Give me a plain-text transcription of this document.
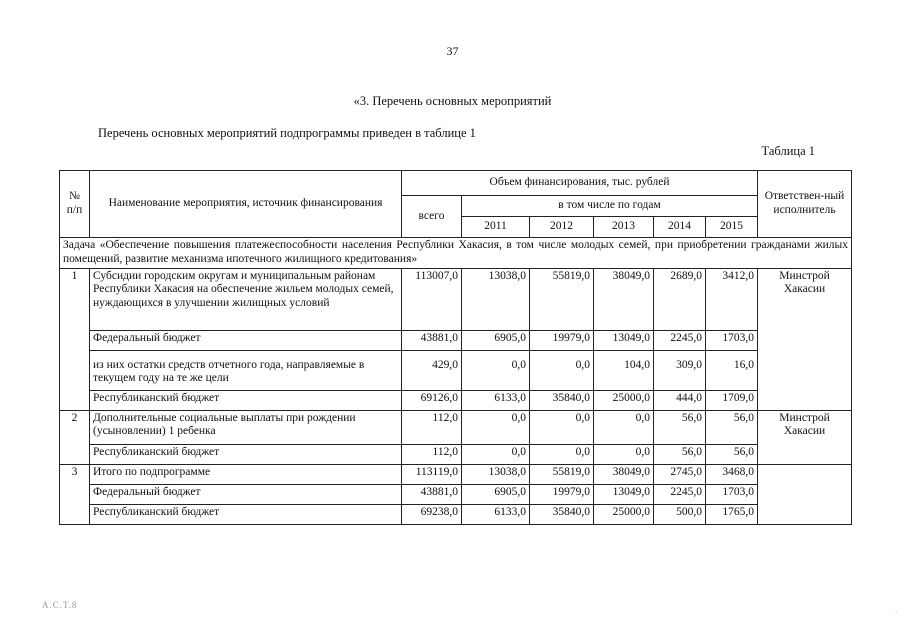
37
«3. Перечень основных мероприятий
Перечень основных мероприятий подпрограммы приведен в таблице 1
Таблица 1
№ п/п	Наименование мероприятия, источник финансирования	Объем финансирования, тыс. рублей						Ответствен-ный исполнитель
		всего	в том числе по годам					
			2011	2012	2013	2014	2015	
Задача «Обеспечение повышения платежеспособности населения Республики Хакасия, в том числе молодых семей, при приобретении гражданами жилых помещений, развитие механизма ипотечного жилищного кредитования»								
1	Субсидии городским округам и муниципальным районам Республики Хакасия на обеспечение жильем молодых семей, нуждающихся в улучшении жилищных условий	113007,0	13038,0	55819,0	38049,0	2689,0	3412,0	Минстрой Хакасии
	Федеральный бюджет	43881,0	6905,0	19979,0	13049,0	2245,0	1703,0	
	из них остатки средств отчетного года, направляемые в текущем году на те же цели	429,0	0,0	0,0	104,0	309,0	16,0	
	Республиканский бюджет	69126,0	6133,0	35840,0	25000,0	444,0	1709,0	
2	Дополнительные социальные выплаты при рождении (усыновлении) 1 ребенка	112,0	0,0	0,0	0,0	56,0	56,0	Минстрой Хакасии
	Республиканский бюджет	112,0	0,0	0,0	0,0	56,0	56,0	
3	Итого по подпрограмме	113119,0	13038,0	55819,0	38049,0	2745,0	3468,0	
	Федеральный бюджет	43881,0	6905,0	19979,0	13049,0	2245,0	1703,0	
	Республиканский бюджет	69238,0	6133,0	35840,0	25000,0	500,0	1765,0	
А.С.Т.8	.
